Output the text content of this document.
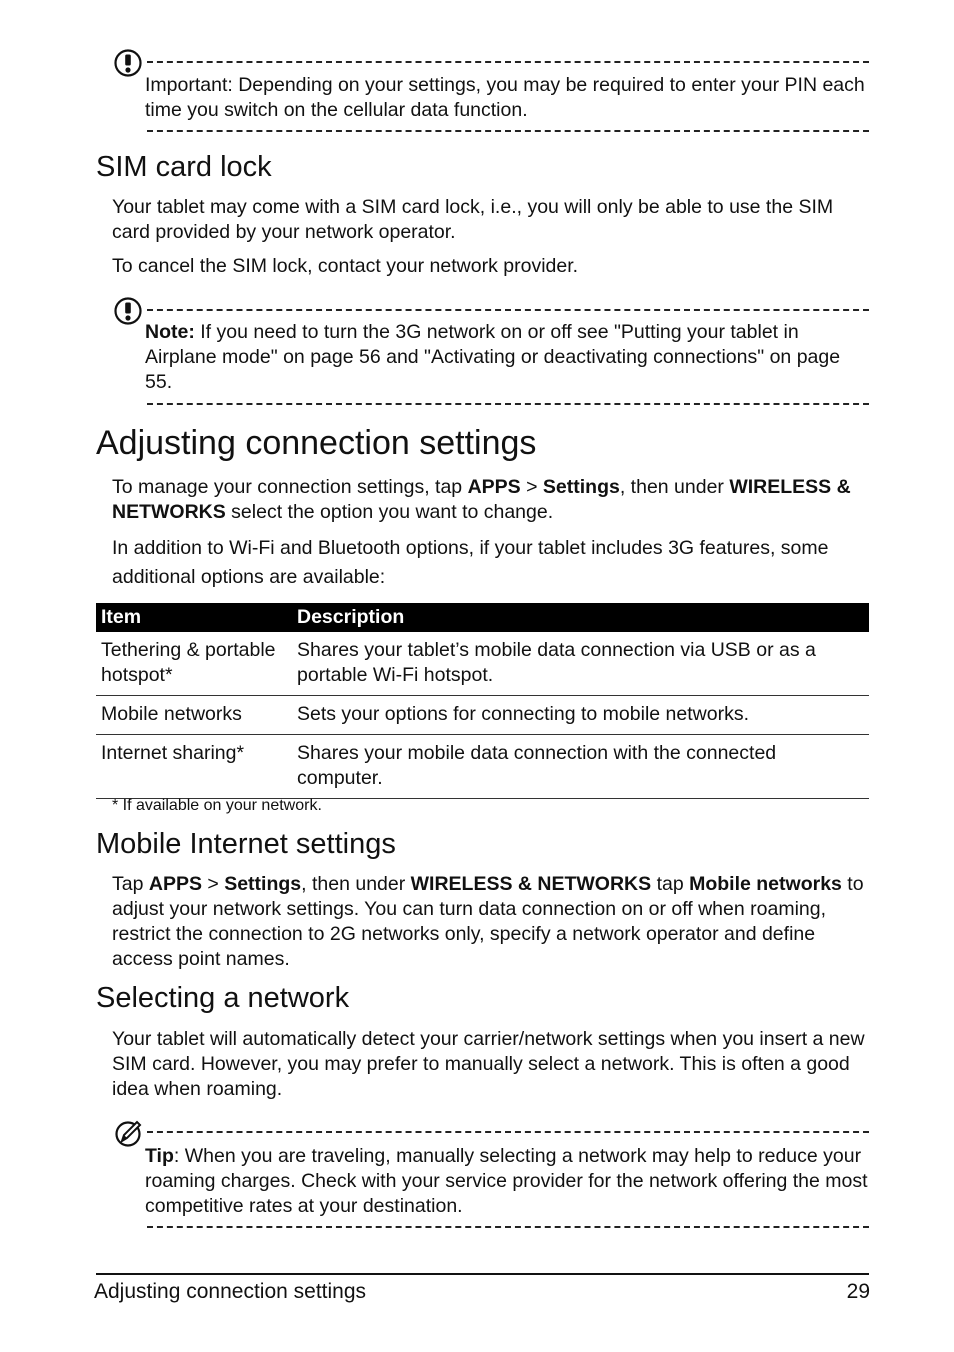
Important: Depending on your settings, you may be required to enter your PIN each time you switch on the cellular data function.
SIM card lock

Your tablet may come with a SIM card lock, i.e., you will only be able to use the SIM card provided by your network operator.

To cancel the SIM lock, contact your network provider.

Note: If you need to turn the 3G network on or off see "Putting your tablet in Airplane mode" on page 56 and "Activating or deactivating connections" on page 55.
Adjusting connection settings

To manage your connection settings, tap APPS > Settings, then under WIRELESS & NETWORKS select the option you want to change.

In addition to Wi-Fi and Bluetooth options, if your tablet includes 3G features, some additional options are available:

Item	Description
Tethering & portable hotspot*	Shares your tablet’s mobile data connection via USB or as a portable Wi-Fi hotspot.
Mobile networks	Sets your options for connecting to mobile networks.
Internet sharing*	Shares your mobile data connection with the connected computer.
* If available on your network.
Mobile Internet settings

Tap APPS > Settings, then under WIRELESS & NETWORKS tap Mobile networks to adjust your network settings. You can turn data connection on or off when roaming, restrict the connection to 2G networks only, specify a network operator and define access point names.

Selecting a network

Your tablet will automatically detect your carrier/network settings when you insert a new SIM card. However, you may prefer to manually select a network. This is often a good idea when roaming.

Tip: When you are traveling, manually selecting a network may help to reduce your roaming charges. Check with your service provider for the network offering the most competitive rates at your destination.
Adjusting connection settings	29
